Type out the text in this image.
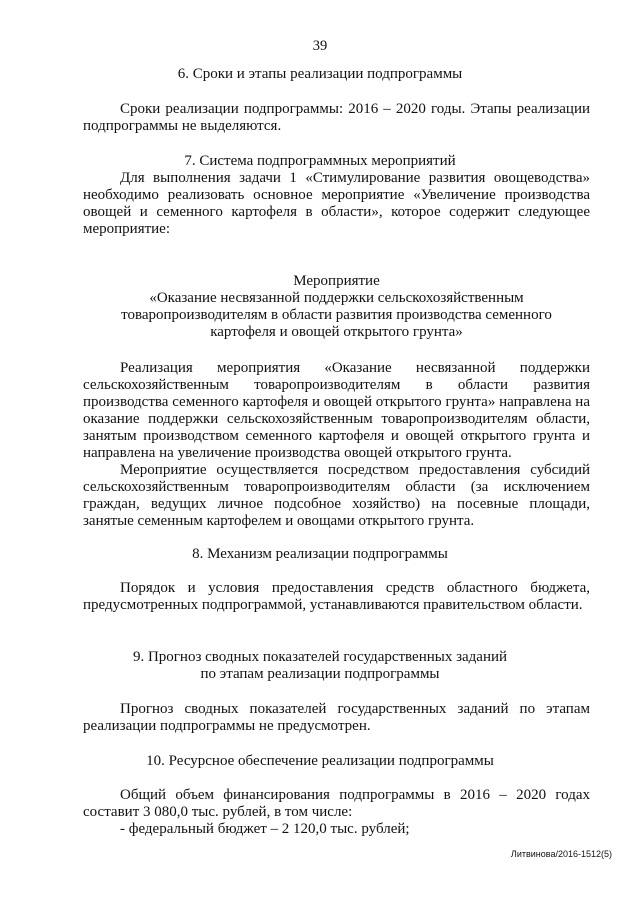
39
6. Сроки и этапы реализации подпрограммы

Сроки реализации подпрограммы: 2016 – 2020 годы. Этапы реализации подпрограммы не выделяются.

7. Система подпрограммных мероприятий

Для выполнения задачи 1 «Стимулирование развития овощеводства» необходимо реализовать основное мероприятие «Увеличение производства овощей и семенного картофеля в области», которое содержит следующее мероприятие:

Мероприятие
«Оказание несвязанной поддержки сельскохозяйственным
товаропроизводителям в области развития производства семенного
картофеля и овощей открытого грунта»

Реализация мероприятия «Оказание несвязанной поддержки сельскохозяйственным товаропроизводителям в области развития производства семенного картофеля и овощей открытого грунта» направлена на оказание поддержки сельскохозяйственным товаропроизводителям области, занятым производством семенного картофеля и овощей открытого грунта и направлена на увеличение производства овощей открытого грунта.

Мероприятие осуществляется посредством предоставления субсидий сельскохозяйственным товаропроизводителям области (за исключением граждан, ведущих личное подсобное хозяйство) на посевные площади, занятые семенным картофелем и овощами открытого грунта.

8. Механизм реализации подпрограммы

Порядок и условия предоставления средств областного бюджета, предусмотренных подпрограммой, устанавливаются правительством области.

9. Прогноз сводных показателей государственных заданий
по этапам реализации подпрограммы

Прогноз сводных показателей государственных заданий по этапам реализации подпрограммы не предусмотрен.

10. Ресурсное обеспечение реализации подпрограммы

Общий объем финансирования подпрограммы в 2016 – 2020 годах составит 3 080,0 тыс. рублей, в том числе:

- федеральный бюджет – 2 120,0 тыс. рублей;

Литвинова/2016-1512(5)
